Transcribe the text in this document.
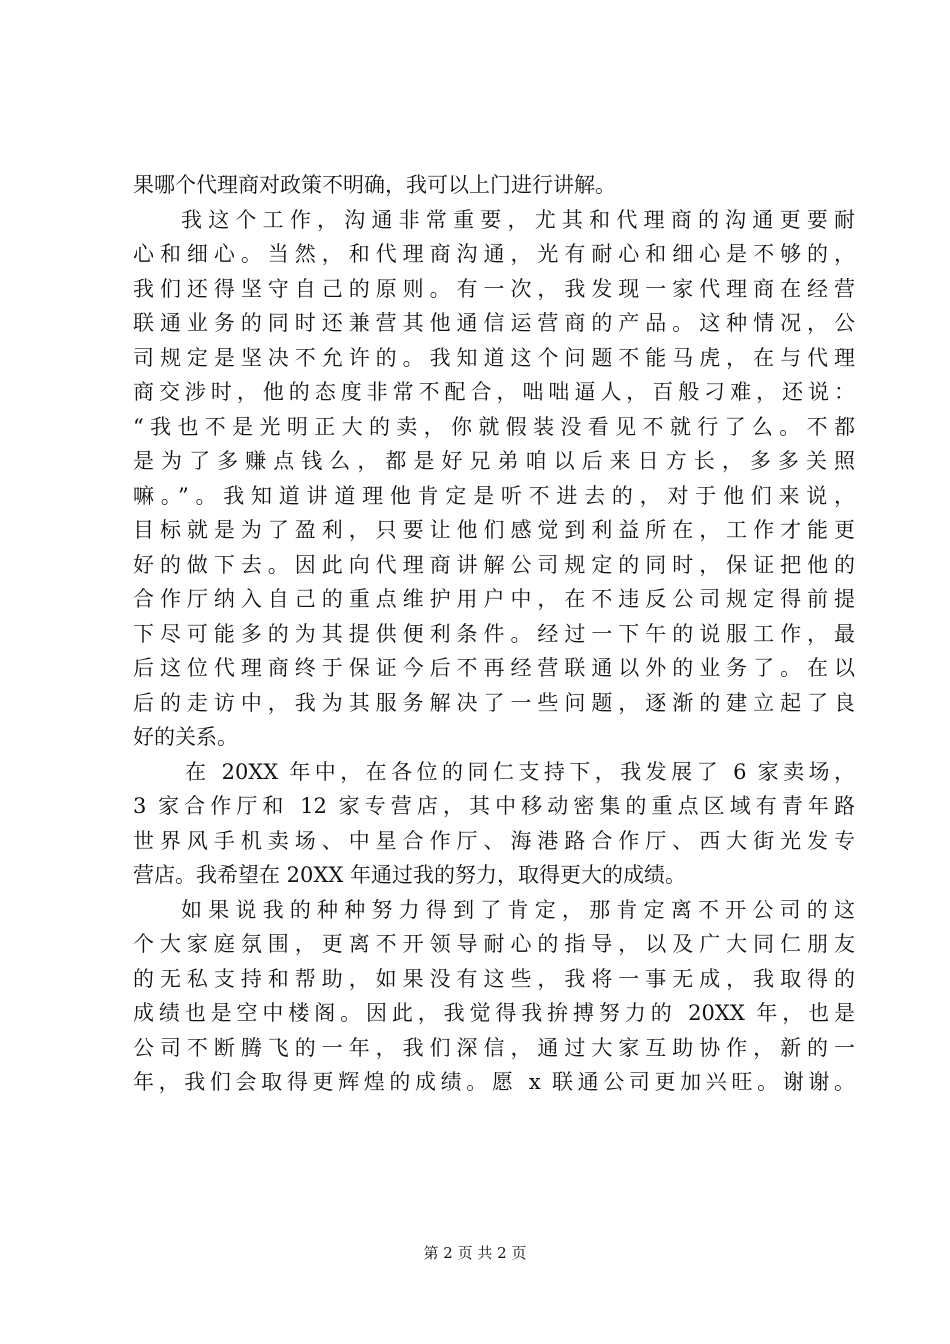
果哪个代理商对政策不明确，我可以上门进行讲解。
我这个工作，沟通非常重要，尤其和代理商的沟通更要耐
心和细心。当然，和代理商沟通，光有耐心和细心是不够的，
我们还得坚守自己的原则。有一次，我发现一家代理商在经营
联通业务的同时还兼营其他通信运营商的产品。这种情况，公
司规定是坚决不允许的。我知道这个问题不能马虎，在与代理
商交涉时，他的态度非常不配合，咄咄逼人，百般刁难，还说：
“我也不是光明正大的卖，你就假装没看见不就行了么。不都
是为了多赚点钱么，都是好兄弟咱以后来日方长，多多关照
嘛。”。我知道讲道理他肯定是听不进去的，对于他们来说，
目标就是为了盈利，只要让他们感觉到利益所在，工作才能更
好的做下去。因此向代理商讲解公司规定的同时，保证把他的
合作厅纳入自己的重点维护用户中，在不违反公司规定得前提
下尽可能多的为其提供便利条件。经过一下午的说服工作，最
后这位代理商终于保证今后不再经营联通以外的业务了。在以
后的走访中，我为其服务解决了一些问题，逐渐的建立起了良
好的关系。
在 20XX 年中，在各位的同仁支持下，我发展了 6 家卖场，
3 家合作厅和 12 家专营店，其中移动密集的重点区域有青年路
世界风手机卖场、中星合作厅、海港路合作厅、西大街光发专
营店。我希望在 20XX 年通过我的努力，取得更大的成绩。
如果说我的种种努力得到了肯定，那肯定离不开公司的这
个大家庭氛围，更离不开领导耐心的指导，以及广大同仁朋友
的无私支持和帮助，如果没有这些，我将一事无成，我取得的
成绩也是空中楼阁。因此，我觉得我拚搏努力的 20XX 年，也是
公司不断腾飞的一年，我们深信，通过大家互助协作，新的一
年，我们会取得更辉煌的成绩。愿 x 联通公司更加兴旺。谢谢。
第 2 页 共 2 页
